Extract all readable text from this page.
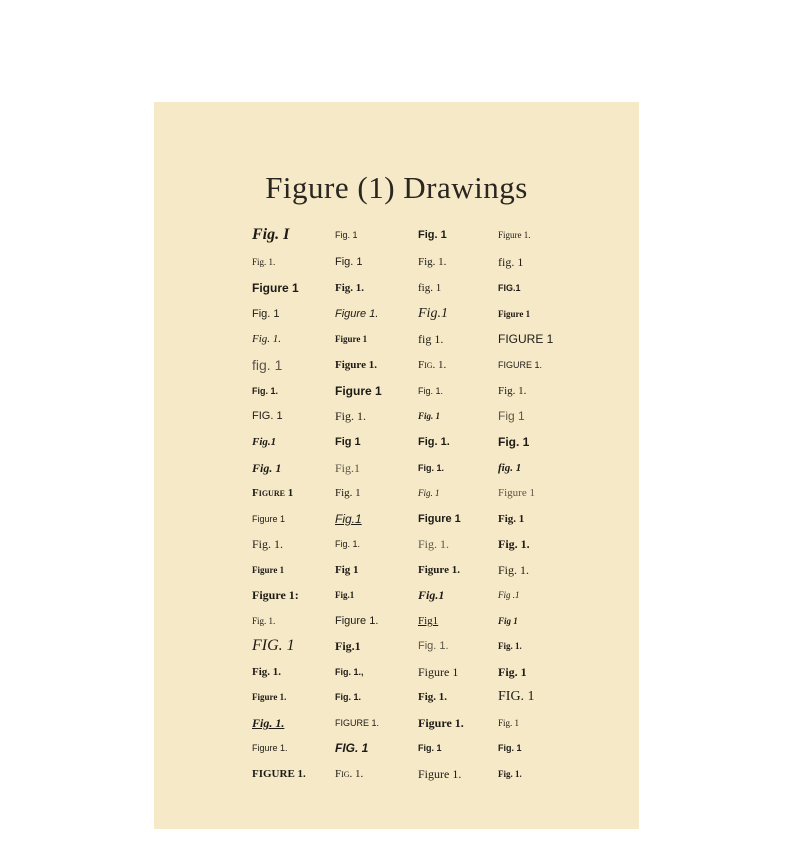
Figure (1) Drawings
Fig. I	Fig. 1	Fig. 1	Figure 1.
Fig. 1.	Fig. 1	Fig. 1.	fig. 1
Figure 1	Fig. 1.	fig. 1	FIG.1
Fig. 1	Figure 1.	Fig.1	Figure 1
Fig. 1.	Figure 1	fig 1.	FIGURE 1
fig. 1	Figure 1.	Fig. 1.	FIGURE 1.
Fig. 1.	Figure 1	Fig. 1.	Fig. 1.
FIG. 1	Fig. 1.	Fig. 1	Fig 1
Fig.1	Fig 1	Fig. 1.	Fig. 1
Fig. 1	Fig.1	Fig. 1.	fig. 1
Figure 1	Fig. 1	Fig. 1	Figure 1
Figure 1	Fig.1	Figure 1	Fig. 1
Fig. 1.	Fig. 1.	Fig. 1.	Fig. 1.
Figure 1	Fig 1	Figure 1.	Fig. 1.
Figure 1:	Fig.1	Fig.1	Fig .1
Fig. 1.	Figure 1.	Fig1	Fig 1
FIG. 1	Fig.1	Fig. 1.	Fig. 1.
Fig. 1.	Fig. 1.,	Figure 1	Fig. 1
Figure 1.	Fig. 1.	Fig. 1.	FIG. 1
Fig. 1.	FIGURE 1.	Figure 1.	Fig. 1
Figure 1.	FIG. 1	Fig. 1	Fig. 1
FIGURE 1.	Fig. 1.	Figure 1.	Fig. 1.
